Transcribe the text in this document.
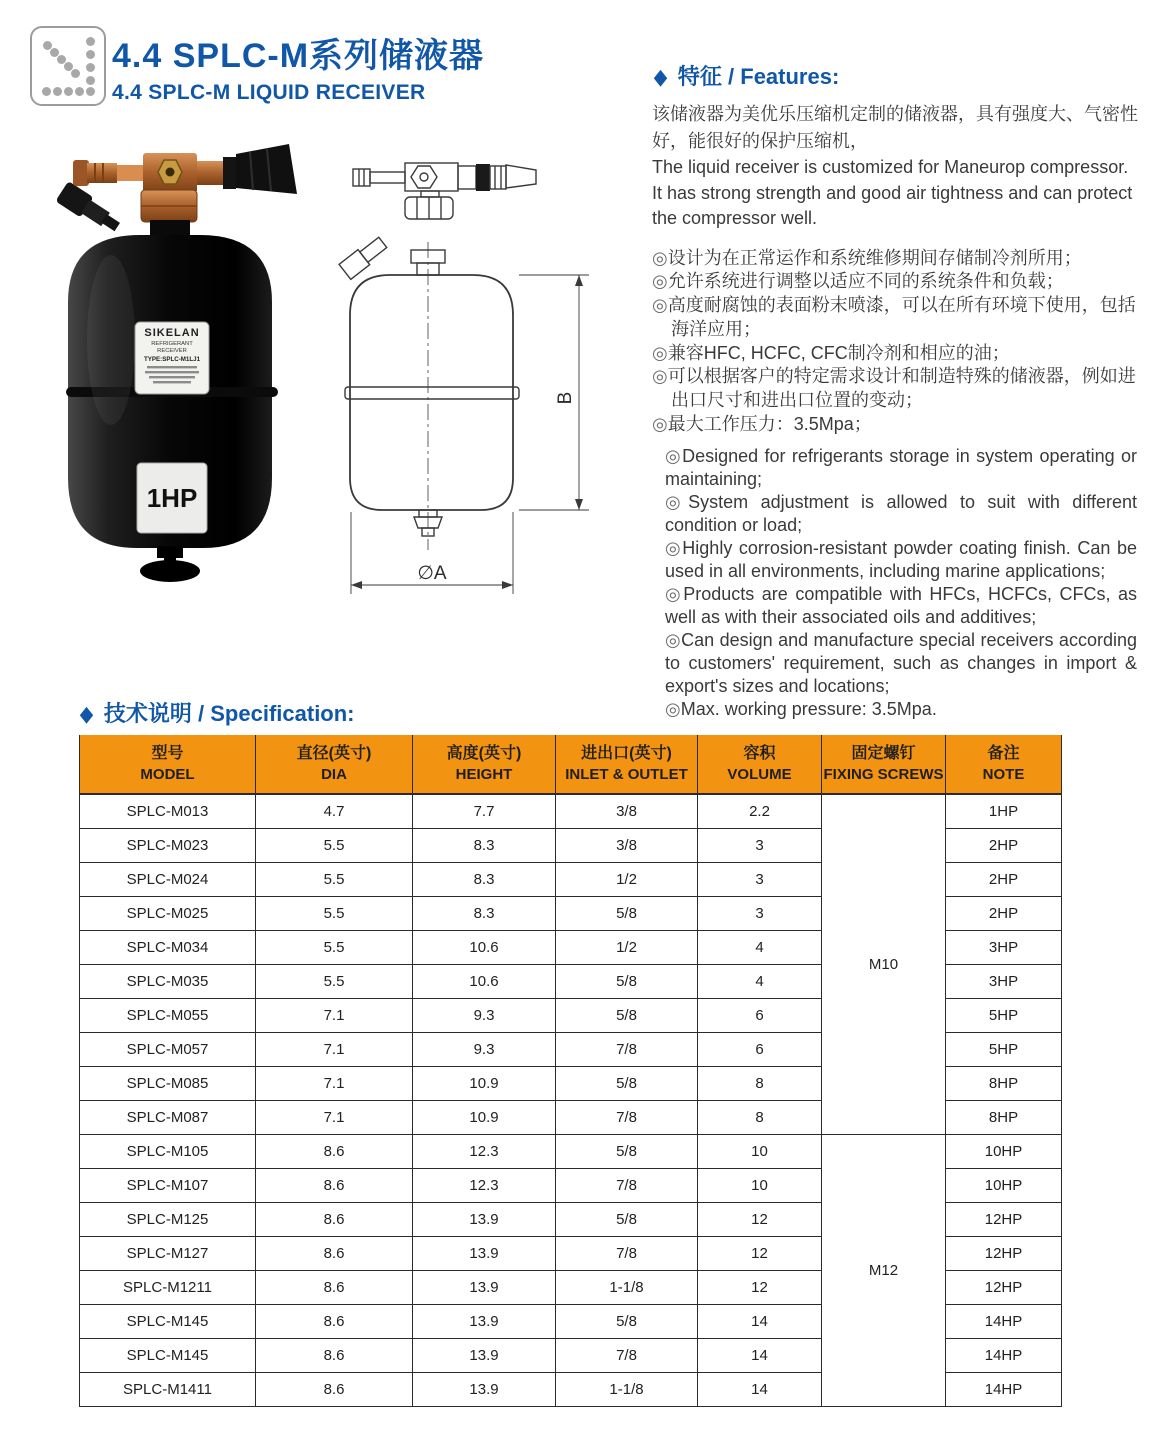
4.4 SPLC-M系列储液器
4.4 SPLC-M LIQUID RECEIVER
SIKELAN
REFRIGERANT
RECEIVER
TYPE:SPLC-M1LJ1
1HP
B
∅A
◆ 特征 / Features:
该储液器为美优乐压缩机定制的储液器，具有强度大、气密性好，能很好的保护压缩机，
The liquid receiver is customized for Maneurop compressor. It has strong strength and good air tightness and can protect the compressor well.
◎设计为在正常运作和系统维修期间存储制冷剂所用；
◎允许系统进行调整以适应不同的系统条件和负载；
◎高度耐腐蚀的表面粉末喷漆，可以在所有环境下使用，包括海洋应用；
◎兼容HFC, HCFC, CFC制冷剂和相应的油；
◎可以根据客户的特定需求设计和制造特殊的储液器，例如进出口尺寸和进出口位置的变动；
◎最大工作压力：3.5Mpa；
◎Designed for refrigerants storage in system operating or maintaining;
◎System adjustment is allowed to suit with different condition or load;
◎Highly corrosion-resistant powder coating finish. Can be used in all environments, including marine applications;
◎Products are compatible with HFCs, HCFCs, CFCs, as well as with their associated oils and additives;
◎Can design and manufacture special receivers according to customers' requirement, such as changes in import & export's sizes and locations;
◎Max. working pressure: 3.5Mpa.
◆ 技术说明 / Specification:
型号
MODEL

直径(英寸)
DIA

高度(英寸)
HEIGHT

进出口(英寸)
INLET & OUTLET

容积
VOLUME

固定螺钉
FIXING SCREWS

备注
NOTE

SPLC-M013	4.7	7.7	3/8	2.2	M10	1HP
SPLC-M023	5.5	8.3	3/8	3		2HP
SPLC-M024	5.5	8.3	1/2	3		2HP
SPLC-M025	5.5	8.3	5/8	3		2HP
SPLC-M034	5.5	10.6	1/2	4		3HP
SPLC-M035	5.5	10.6	5/8	4		3HP
SPLC-M055	7.1	9.3	5/8	6		5HP
SPLC-M057	7.1	9.3	7/8	6		5HP
SPLC-M085	7.1	10.9	5/8	8		8HP
SPLC-M087	7.1	10.9	7/8	8		8HP
SPLC-M105	8.6	12.3	5/8	10	M12	10HP
SPLC-M107	8.6	12.3	7/8	10		10HP
SPLC-M125	8.6	13.9	5/8	12		12HP
SPLC-M127	8.6	13.9	7/8	12		12HP
SPLC-M1211	8.6	13.9	1-1/8	12		12HP
SPLC-M145	8.6	13.9	5/8	14		14HP
SPLC-M145	8.6	13.9	7/8	14		14HP
SPLC-M1411	8.6	13.9	1-1/8	14		14HP
